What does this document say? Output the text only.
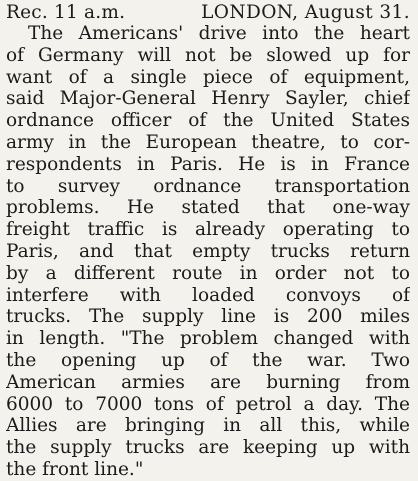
Rec. 11 a.m.	LONDON, August 31.
The Americans' drive into the heart
of Germany will not be slowed up for
want of a single piece of equipment,
said Major-General Henry Sayler, chief
ordnance officer of the United States
army in the European theatre, to cor-
respondents in Paris. He is in France
to survey ordnance transportation
problems. He stated that one-way
freight traffic is already operating to
Paris, and that empty trucks return
by a different route in order not to
interfere with loaded convoys of
trucks. The supply line is 200 miles
in length. "The problem changed with
the opening up of the war. Two
American armies are burning from
6000 to 7000 tons of petrol a day. The
Allies are bringing in all this, while
the supply trucks are keeping up with
the front line."
